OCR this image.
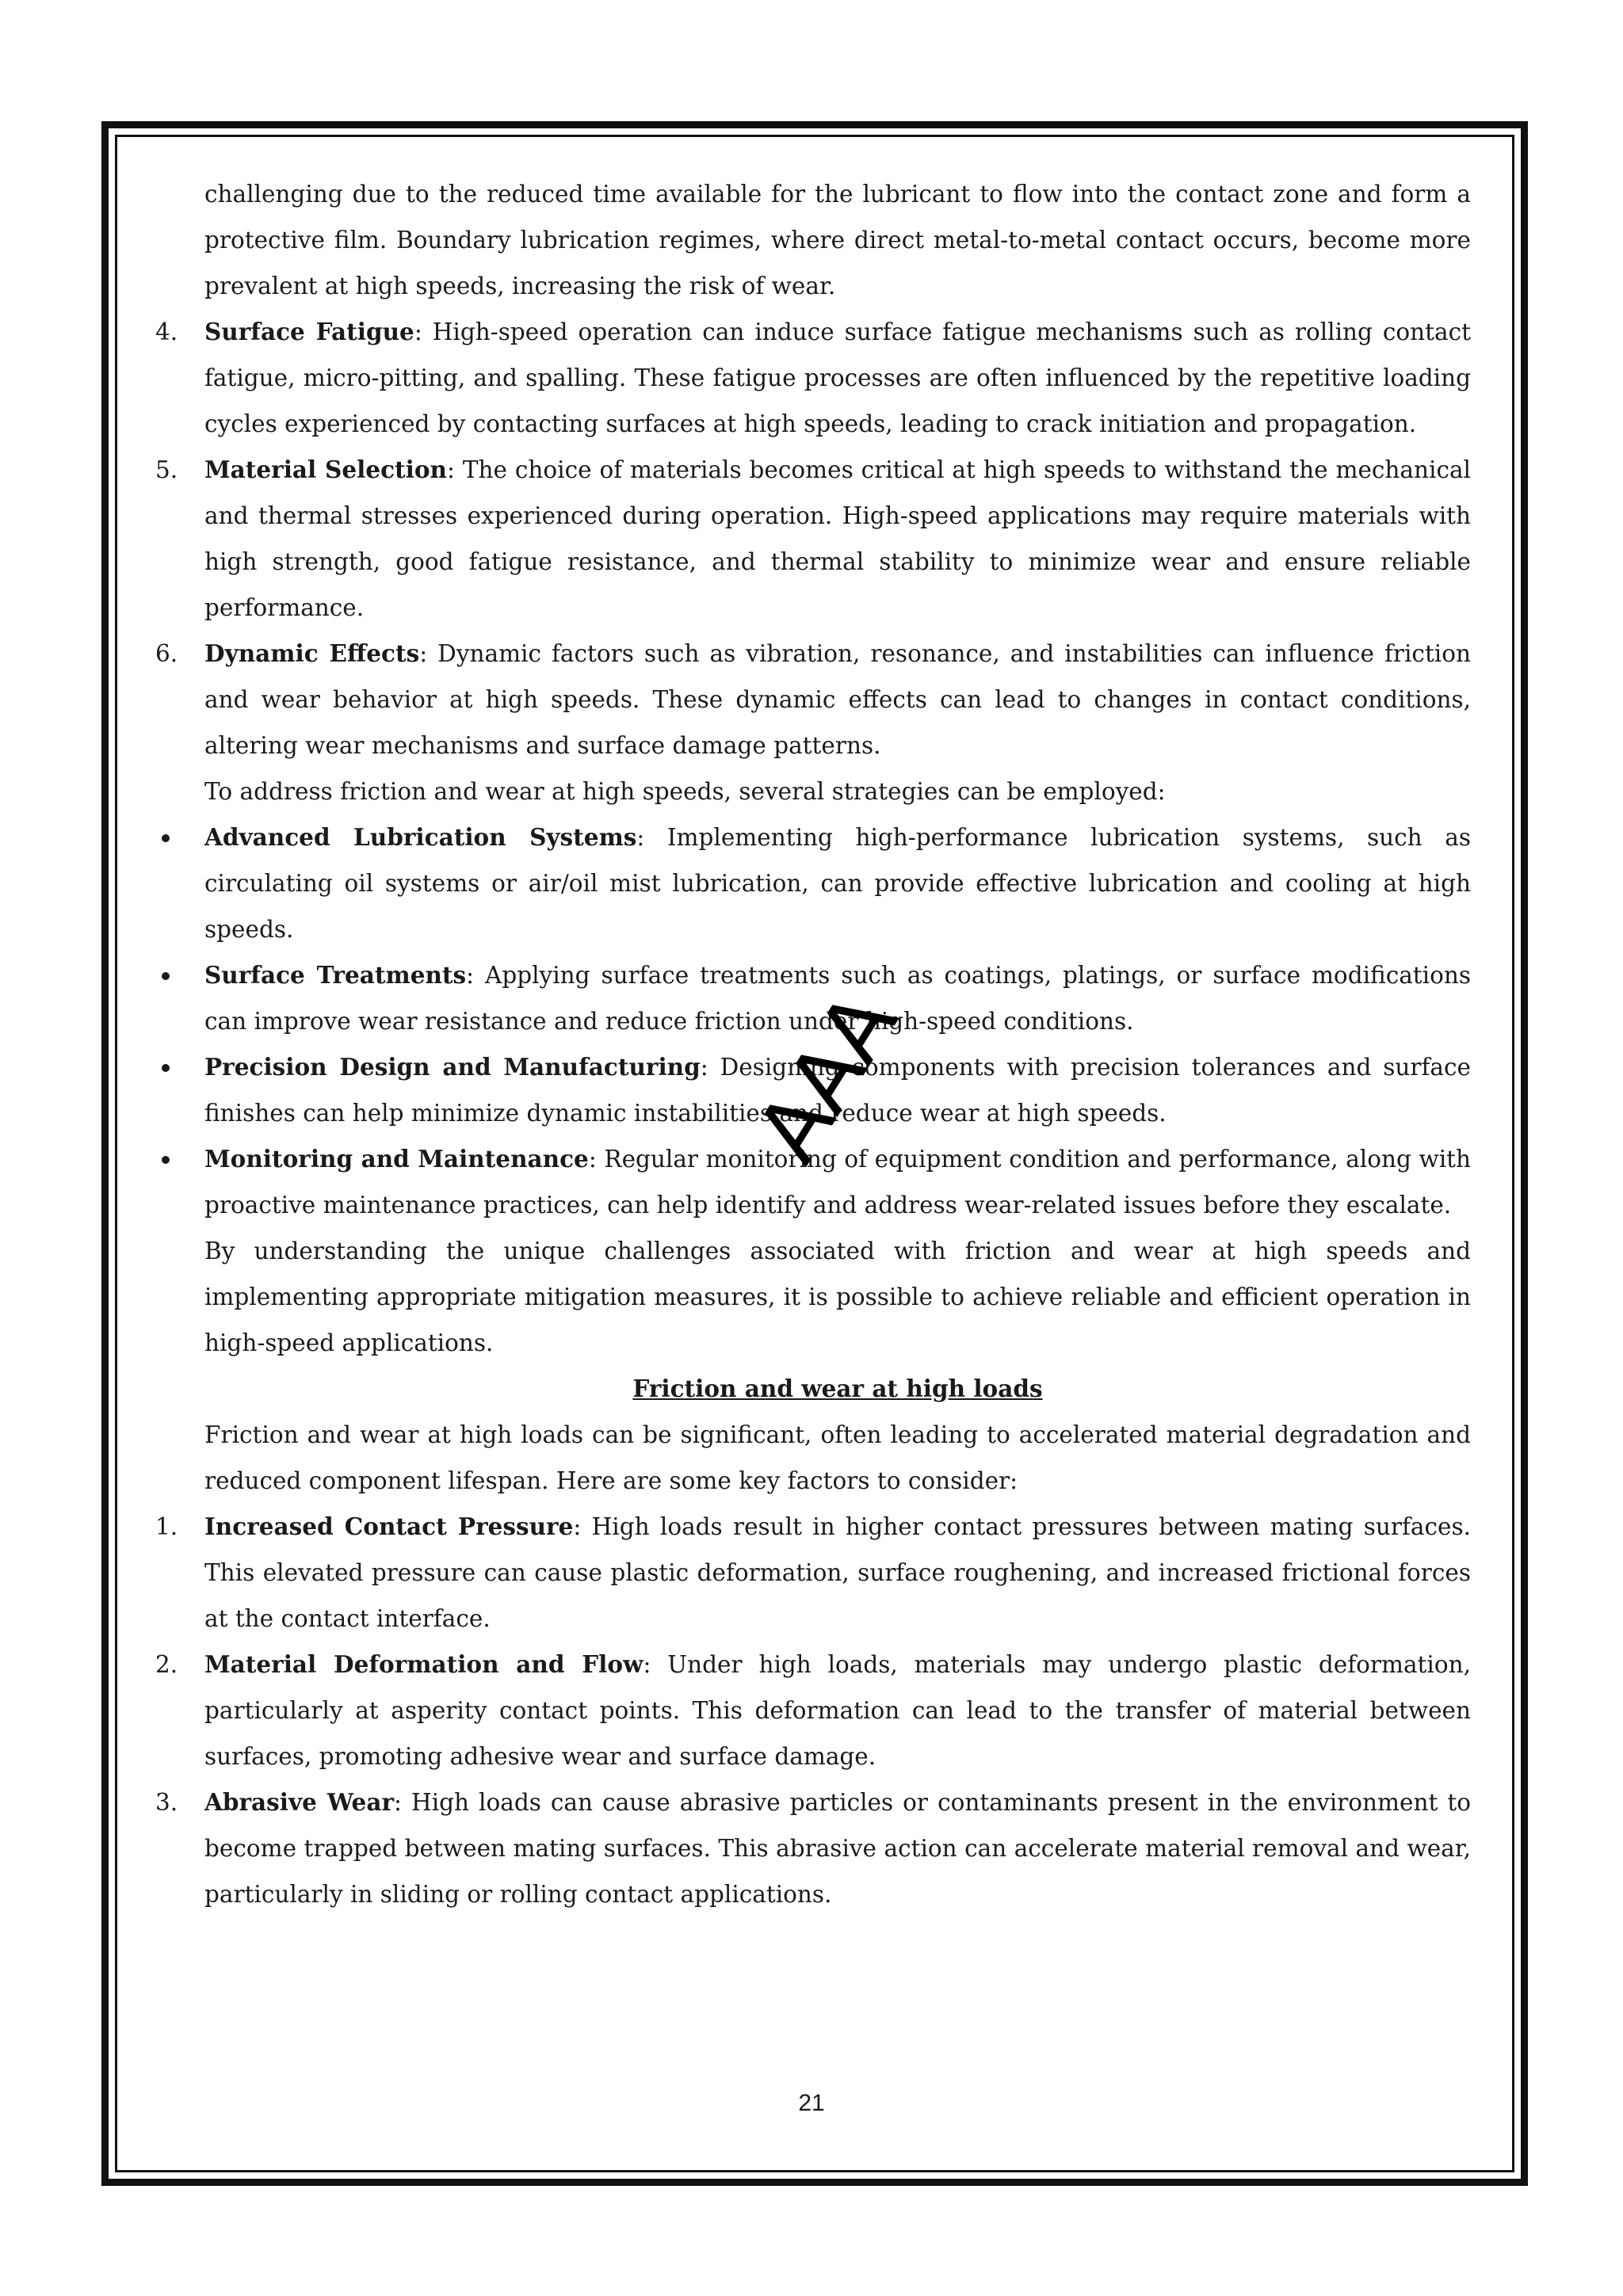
challenging due to the reduced time available for the lubricant to flow into the contact zone and form a protective film. Boundary lubrication regimes, where direct metal-to-metal contact occurs, become more prevalent at high speeds, increasing the risk of wear.

4.	Surface Fatigue: High-speed operation can induce surface fatigue mechanisms such as rolling contact fatigue, micro-pitting, and spalling. These fatigue processes are often influenced by the repetitive loading cycles experienced by contacting surfaces at high speeds, leading to crack initiation and propagation.
5.	Material Selection: The choice of materials becomes critical at high speeds to withstand the mechanical and thermal stresses experienced during operation. High-speed applications may require materials with high strength, good fatigue resistance, and thermal stability to minimize wear and ensure reliable performance.
6.	Dynamic Effects: Dynamic factors such as vibration, resonance, and instabilities can influence friction and wear behavior at high speeds. These dynamic effects can lead to changes in contact conditions, altering wear mechanisms and surface damage patterns.

To address friction and wear at high speeds, several strategies can be employed:

Advanced Lubrication Systems: Implementing high-performance lubrication systems, such as circulating oil systems or air/oil mist lubrication, can provide effective lubrication and cooling at high speeds.
Surface Treatments: Applying surface treatments such as coatings, platings, or surface modifications can improve wear resistance and reduce friction under high-speed conditions.
Precision Design and Manufacturing: Designing components with precision tolerances and surface finishes can help minimize dynamic instabilities and reduce wear at high speeds.
Monitoring and Maintenance: Regular monitoring of equipment condition and performance, along with proactive maintenance practices, can help identify and address wear-related issues before they escalate.

By understanding the unique challenges associated with friction and wear at high speeds and implementing appropriate mitigation measures, it is possible to achieve reliable and efficient operation in high-speed applications.

Friction and wear at high loads

Friction and wear at high loads can be significant, often leading to accelerated material degradation and reduced component lifespan. Here are some key factors to consider:

1.	Increased Contact Pressure: High loads result in higher contact pressures between mating surfaces. This elevated pressure can cause plastic deformation, surface roughening, and increased frictional forces at the contact interface.
2.	Material Deformation and Flow: Under high loads, materials may undergo plastic deformation, particularly at asperity contact points. This deformation can lead to the transfer of material between surfaces, promoting adhesive wear and surface damage.
3.	Abrasive Wear: High loads can cause abrasive particles or contaminants present in the environment to become trapped between mating surfaces. This abrasive action can accelerate material removal and wear, particularly in sliding or rolling contact applications.
AAA
21
